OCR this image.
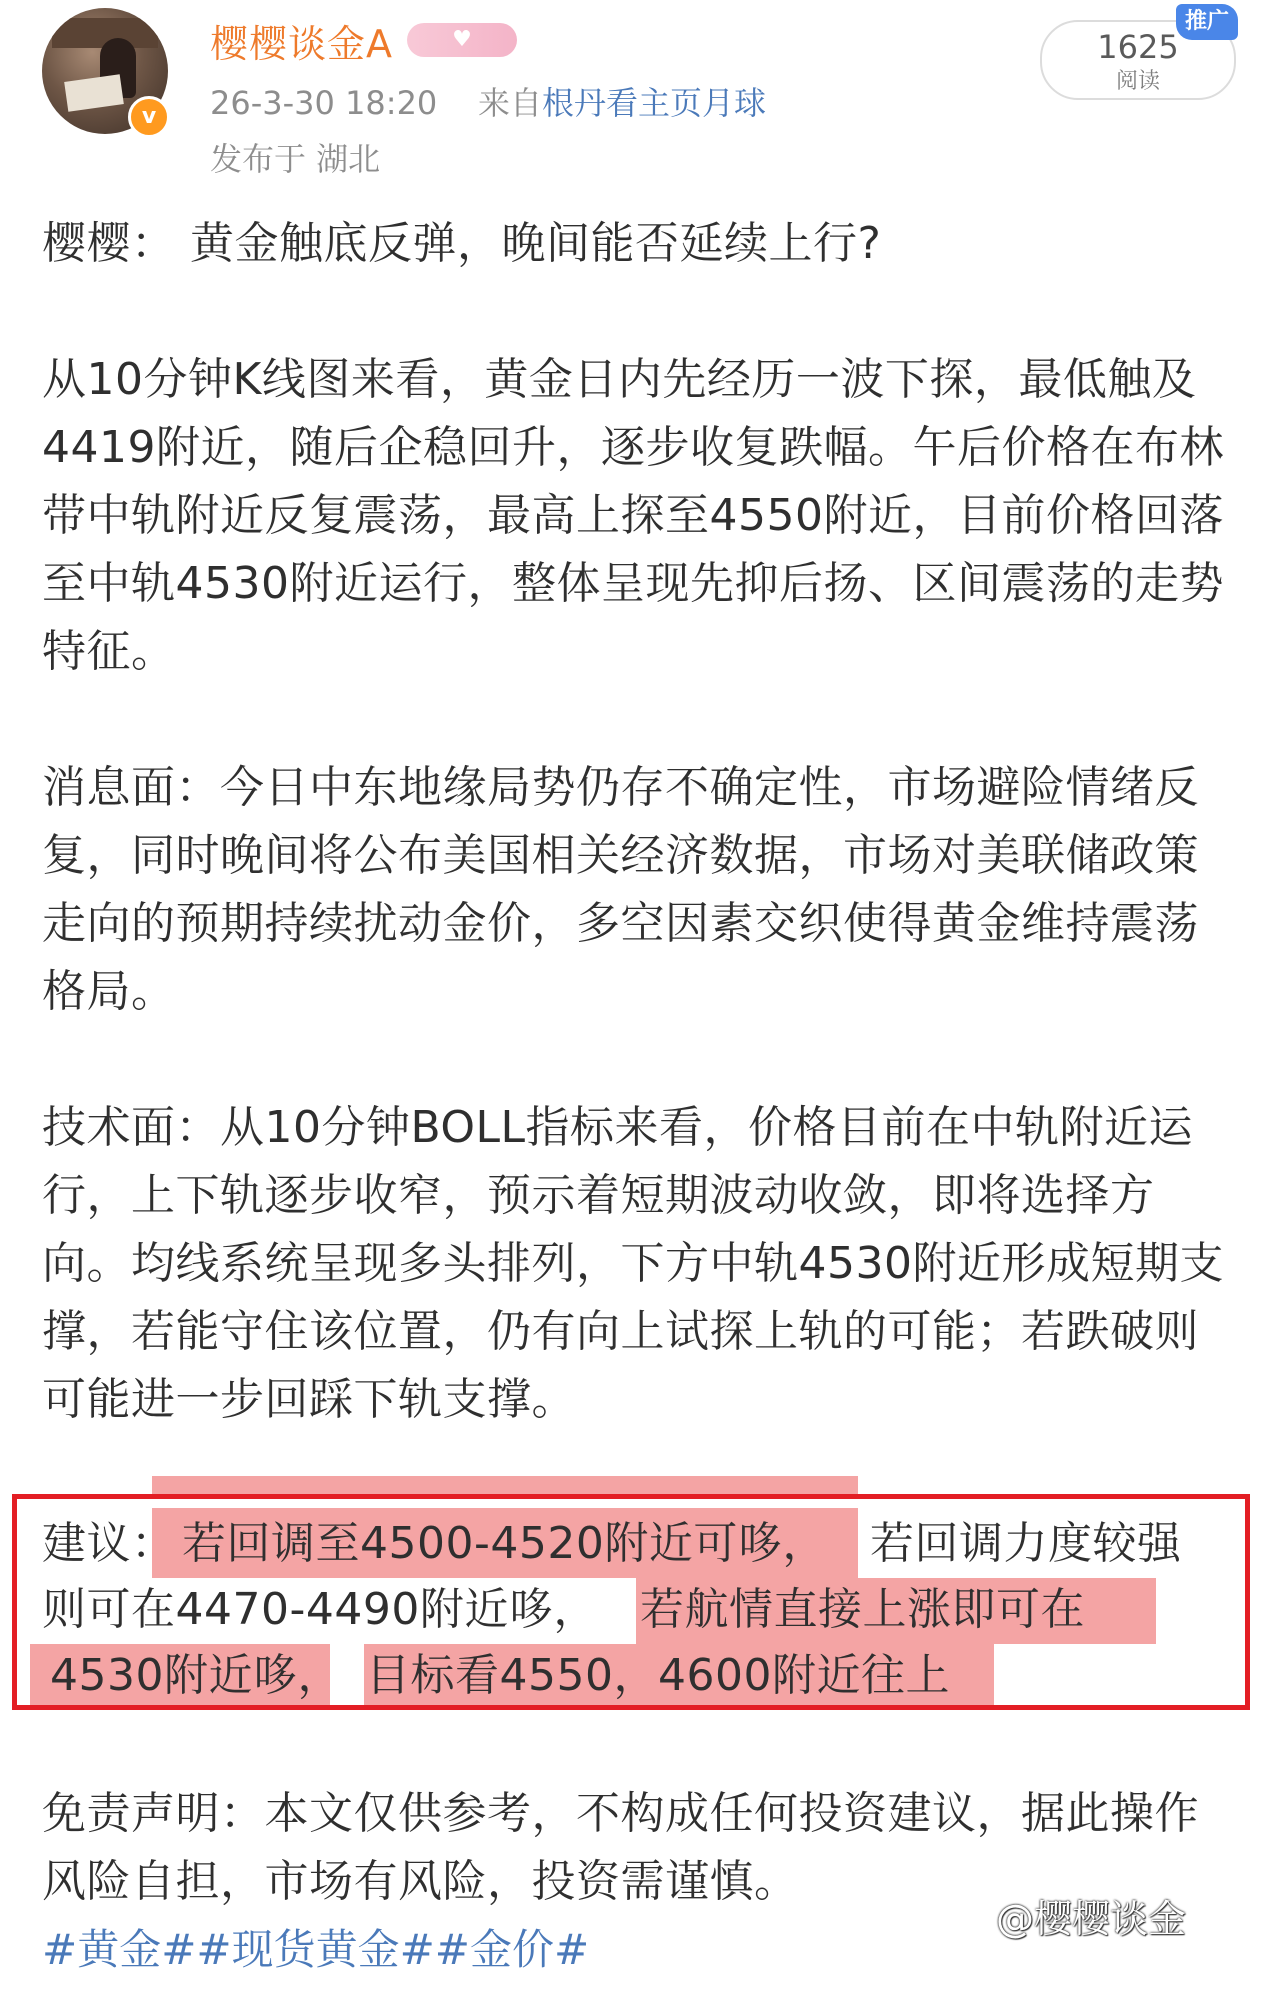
v
樱樱谈金A	♥
26-3-30 18:20 来自根丹看主页月球
发布于 湖北
1625
阅读
推广
樱樱： 黄金触底反弹，晚间能否延续上行?
从10分钟K线图来看，黄金日内先经历一波下探，最低触及4419附近，随后企稳回升，逐步收复跌幅。午后价格在布林带中轨附近反复震荡，最高上探至4550附近，目前价格回落至中轨4530附近运行，整体呈现先抑后扬、区间震荡的走势特征。
消息面：今日中东地缘局势仍存不确定性，市场避险情绪反复，同时晚间将公布美国相关经济数据，市场对美联储政策走向的预期持续扰动金价，多空因素交织使得黄金维持震荡格局。
技术面：从10分钟BOLL指标来看，价格目前在中轨附近运行，上下轨逐步收窄，预示着短期波动收敛，即将选择方向。均线系统呈现多头排列，下方中轨4530附近形成短期支撑，若能守住该位置，仍有向上试探上轨的可能；若跌破则可能进一步回踩下轨支撑。
建议： 若回调至4500-4520附近可哆， 若回调力度较强
则可在4470-4490附近哆， 若航情直接上涨即可在
4530附近哆， 目标看4550，4600附近往上
免责声明：本文仅供参考，不构成任何投资建议，据此操作风险自担，市场有风险，投资需谨慎。
#黄金##现货黄金##金价#
@樱樱谈金
